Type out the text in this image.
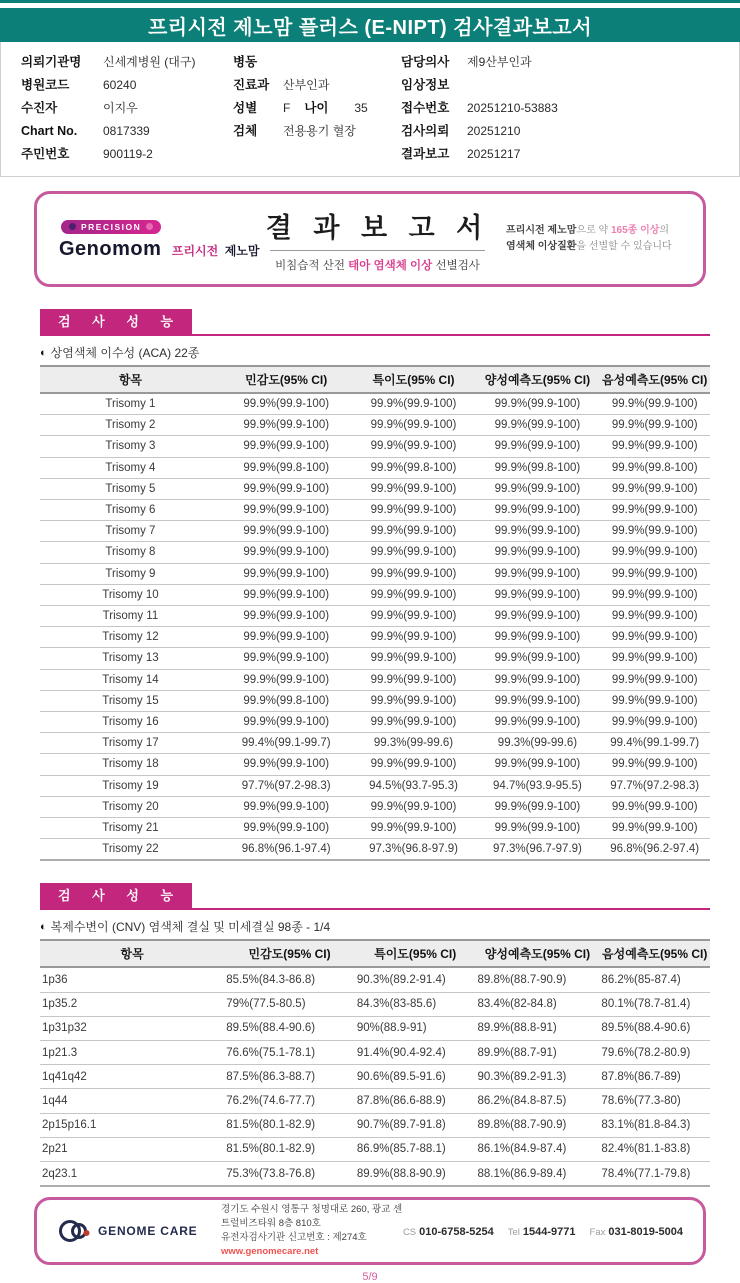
프리시전 제노맘 플러스 (E-NIPT) 검사결과보고서
의뢰기관명	신세계병원 (대구)
병원코드	60240
수진자	이지우
Chart No.	0817339
주민번호	900119-2
병동
진료과	산부인과
성별	F 나이	35
검체	전용용기 혈장
담당의사	제9산부인과
임상정보
접수번호	20251210-53883
검사의뢰	20251210
결과보고	20251217
PRECISION
Genomom 프리시전 제노맘
결 과 보 고 서
비침습적 산전 태아 염색체 이상 선별검사
프리시전 제노맘으로 약 165종 이상의
염색체 이상질환을 선별할 수 있습니다
검 사 성 능
◐ 상염색체 이수성 (ACA) 22종
항목	민감도(95% CI)	특이도(95% CI)	양성예측도(95% CI)	음성예측도(95% CI)
Trisomy 1	99.9%(99.9-100)	99.9%(99.9-100)	99.9%(99.9-100)	99.9%(99.9-100)
Trisomy 2	99.9%(99.9-100)	99.9%(99.9-100)	99.9%(99.9-100)	99.9%(99.9-100)
Trisomy 3	99.9%(99.9-100)	99.9%(99.9-100)	99.9%(99.9-100)	99.9%(99.9-100)
Trisomy 4	99.9%(99.8-100)	99.9%(99.8-100)	99.9%(99.8-100)	99.9%(99.8-100)
Trisomy 5	99.9%(99.9-100)	99.9%(99.9-100)	99.9%(99.9-100)	99.9%(99.9-100)
Trisomy 6	99.9%(99.9-100)	99.9%(99.9-100)	99.9%(99.9-100)	99.9%(99.9-100)
Trisomy 7	99.9%(99.9-100)	99.9%(99.9-100)	99.9%(99.9-100)	99.9%(99.9-100)
Trisomy 8	99.9%(99.9-100)	99.9%(99.9-100)	99.9%(99.9-100)	99.9%(99.9-100)
Trisomy 9	99.9%(99.9-100)	99.9%(99.9-100)	99.9%(99.9-100)	99.9%(99.9-100)
Trisomy 10	99.9%(99.9-100)	99.9%(99.9-100)	99.9%(99.9-100)	99.9%(99.9-100)
Trisomy 11	99.9%(99.9-100)	99.9%(99.9-100)	99.9%(99.9-100)	99.9%(99.9-100)
Trisomy 12	99.9%(99.9-100)	99.9%(99.9-100)	99.9%(99.9-100)	99.9%(99.9-100)
Trisomy 13	99.9%(99.9-100)	99.9%(99.9-100)	99.9%(99.9-100)	99.9%(99.9-100)
Trisomy 14	99.9%(99.9-100)	99.9%(99.9-100)	99.9%(99.9-100)	99.9%(99.9-100)
Trisomy 15	99.9%(99.8-100)	99.9%(99.9-100)	99.9%(99.9-100)	99.9%(99.9-100)
Trisomy 16	99.9%(99.9-100)	99.9%(99.9-100)	99.9%(99.9-100)	99.9%(99.9-100)
Trisomy 17	99.4%(99.1-99.7)	99.3%(99-99.6)	99.3%(99-99.6)	99.4%(99.1-99.7)
Trisomy 18	99.9%(99.9-100)	99.9%(99.9-100)	99.9%(99.9-100)	99.9%(99.9-100)
Trisomy 19	97.7%(97.2-98.3)	94.5%(93.7-95.3)	94.7%(93.9-95.5)	97.7%(97.2-98.3)
Trisomy 20	99.9%(99.9-100)	99.9%(99.9-100)	99.9%(99.9-100)	99.9%(99.9-100)
Trisomy 21	99.9%(99.9-100)	99.9%(99.9-100)	99.9%(99.9-100)	99.9%(99.9-100)
Trisomy 22	96.8%(96.1-97.4)	97.3%(96.8-97.9)	97.3%(96.7-97.9)	96.8%(96.2-97.4)
검 사 성 능
◐ 복제수변이 (CNV) 염색체 결실 및 미세결실 98종 - 1/4
항목	민감도(95% CI)	특이도(95% CI)	양성예측도(95% CI)	음성예측도(95% CI)
1p36	85.5%(84.3-86.8)	90.3%(89.2-91.4)	89.8%(88.7-90.9)	86.2%(85-87.4)
1p35.2	79%(77.5-80.5)	84.3%(83-85.6)	83.4%(82-84.8)	80.1%(78.7-81.4)
1p31p32	89.5%(88.4-90.6)	90%(88.9-91)	89.9%(88.8-91)	89.5%(88.4-90.6)
1p21.3	76.6%(75.1-78.1)	91.4%(90.4-92.4)	89.9%(88.7-91)	79.6%(78.2-80.9)
1q41q42	87.5%(86.3-88.7)	90.6%(89.5-91.6)	90.3%(89.2-91.3)	87.8%(86.7-89)
1q44	76.2%(74.6-77.7)	87.8%(86.6-88.9)	86.2%(84.8-87.5)	78.6%(77.3-80)
2p15p16.1	81.5%(80.1-82.9)	90.7%(89.7-91.8)	89.8%(88.7-90.9)	83.1%(81.8-84.3)
2p21	81.5%(80.1-82.9)	86.9%(85.7-88.1)	86.1%(84.9-87.4)	82.4%(81.1-83.8)
2q23.1	75.3%(73.8-76.8)	89.9%(88.8-90.9)	88.1%(86.9-89.4)	78.4%(77.1-79.8)
GENOME CARE
경기도 수원시 영통구 청명대로 260, 광교 센트럴비즈타워 8층 810호
유전자검사기관 신고번호 : 제274호
www.genomecare.net
CS 010-6758-5254 Tel 1544-9771 Fax 031-8019-5004
5/9
